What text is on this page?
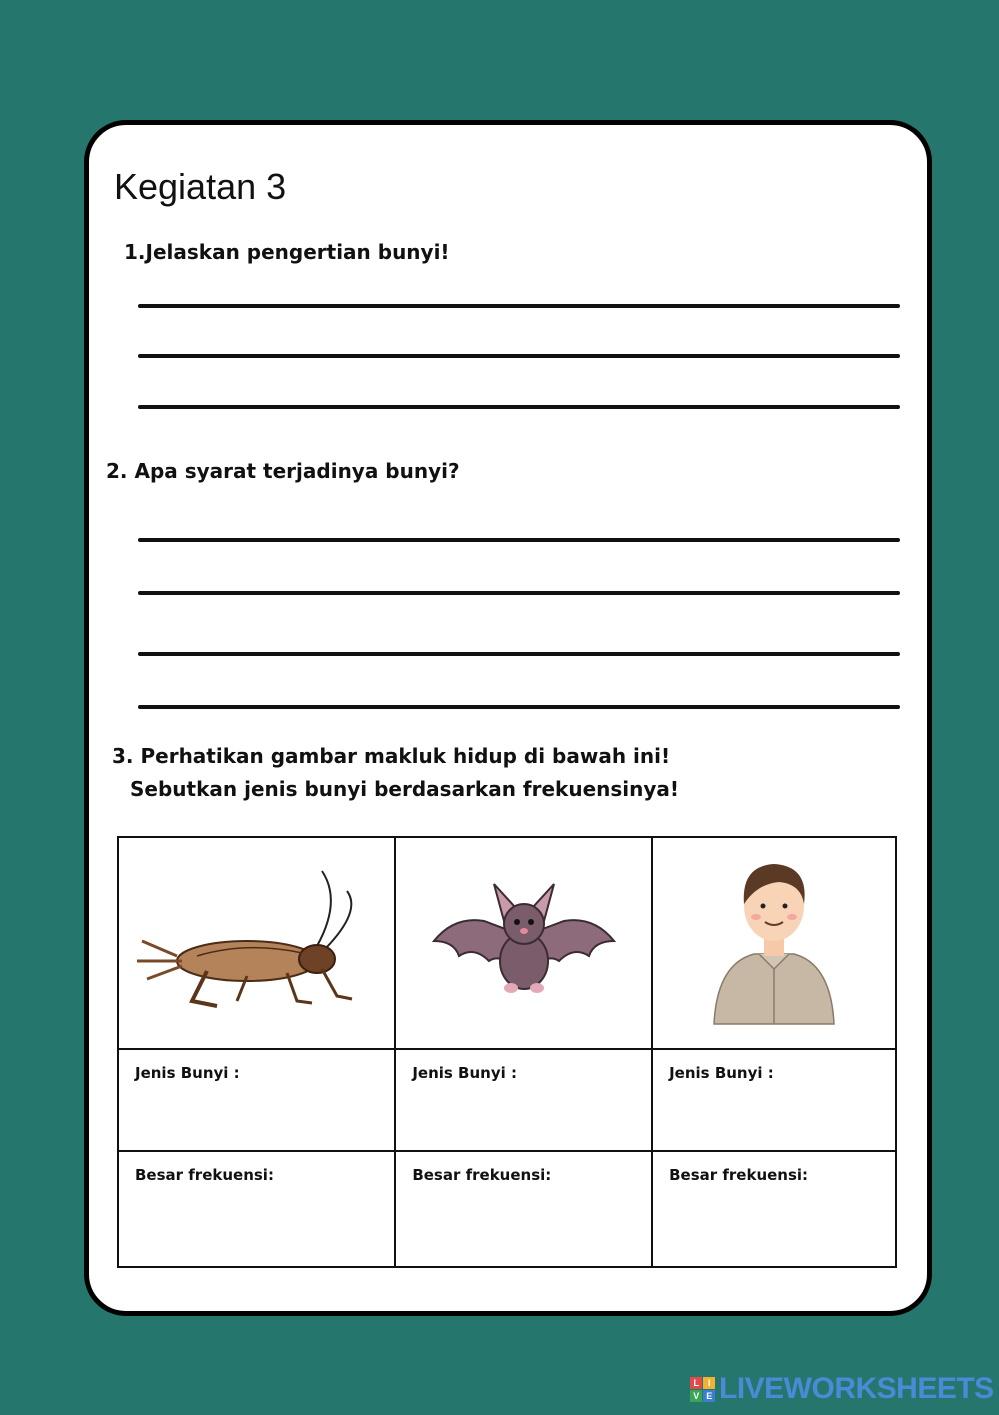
Kegiatan 3
1.Jelaskan pengertian bunyi!
2. Apa syarat terjadinya bunyi?
3. Perhatikan gambar makluk hidup di bawah ini!
Sebutkan jenis bunyi berdasarkan frekuensinya!

Jenis Bunyi :	Jenis Bunyi :	Jenis Bunyi :

Besar frekuensi:	Besar frekuensi:	Besar frekuensi:
L	I
V E LIVEWORKSHEETS
